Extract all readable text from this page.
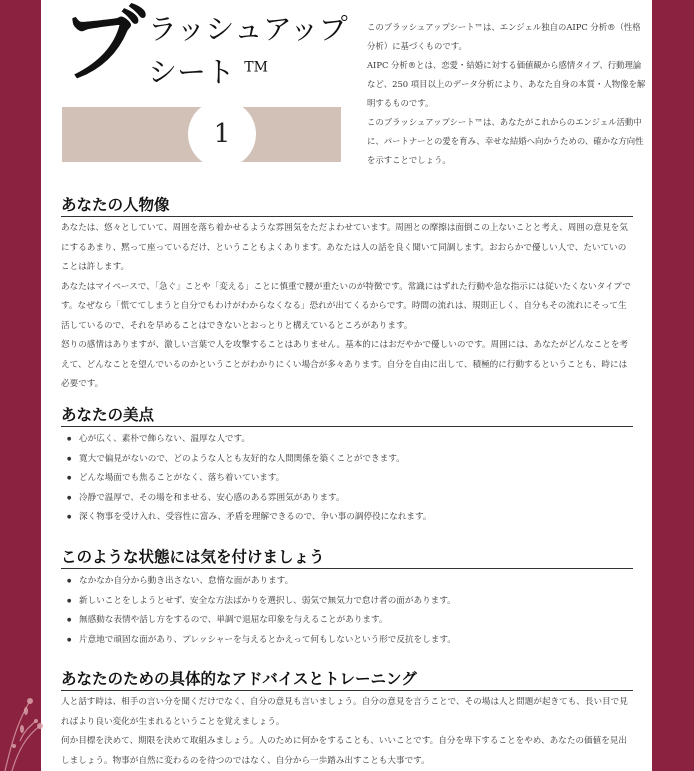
ブ ラッシュアップ
シート ™
1

このブラッシュアップシート™は、エンジェル独自のAIPC 分析®（性格分析）に基づくものです。

AIPC 分析®とは、恋愛・結婚に対する価値観から感情タイプ、行動理論など、250 項目以上のデータ分析により、あなた自身の本質・人物像を解明するものです。

このブラッシュアップシート™は、あなたがこれからのエンジェル活動中に、パートナーとの愛を育み、幸せな結婚へ向かうための、確かな方向性を示すことでしょう。

あなたの人物像

あなたは、悠々としていて、周囲を落ち着かせるような雰囲気をただよわせています。周囲との摩擦は面倒この上ないことと考え、周囲の意見を気にするあまり、黙って座っているだけ、ということもよくあります。あなたは人の話を良く聞いて同調します。おおらかで優しい人で、たいていのことは許します。

あなたはマイペースで、「急ぐ」ことや「変える」ことに慎重で腰が重たいのが特徴です。常識にはずれた行動や急な指示には従いたくないタイプです。なぜなら「慌ててしまうと自分でもわけがわからなくなる」恐れが出てくるからです。時間の流れは、規則正しく、自分もその流れにそって生活しているので、それを早めることはできないとおっとりと構えているところがあります。

怒りの感情はありますが、激しい言葉で人を攻撃することはありません。基本的にはおだやかで優しいのです。周囲には、あなたがどんなことを考えて、どんなことを望んでいるのかということがわかりにくい場合が多々あります。自分を自由に出して、積極的に行動するということも、時には必要です。

あなたの美点
● 心が広く、素朴で飾らない、温厚な人です。
● 寛大で偏見がないので、どのような人とも友好的な人間関係を築くことができます。
● どんな場面でも焦ることがなく、落ち着いています。
● 冷静で温厚で、その場を和ませる、安心感のある雰囲気があります。
● 深く物事を受け入れ、受容性に富み、矛盾を理解できるので、争い事の調停役になれます。
このような状態には気を付けましょう
● なかなか自分から動き出さない、怠惰な面があります。
● 新しいことをしようとせず、安全な方法ばかりを選択し、弱気で無気力で怠け者の面があります。
● 無感動な表情や話し方をするので、単調で退屈な印象を与えることがあります。
● 片意地で頑固な面があり、プレッシャーを与えるとかえって何もしないという形で反抗をします。
あなたのための具体的なアドバイスとトレーニング

人と話す時は、相手の言い分を聞くだけでなく、自分の意見も言いましょう。自分の意見を言うことで、その場は人と問題が起きても、長い目で見ればより良い変化が生まれるということを覚えましょう。

何か目標を決めて、期限を決めて取組みましょう。人のために何かをすることも、いいことです。自分を卑下することをやめ、あなたの価値を見出しましょう。物事が自然に変わるのを待つのではなく、自分から一歩踏み出すことも大事です。
